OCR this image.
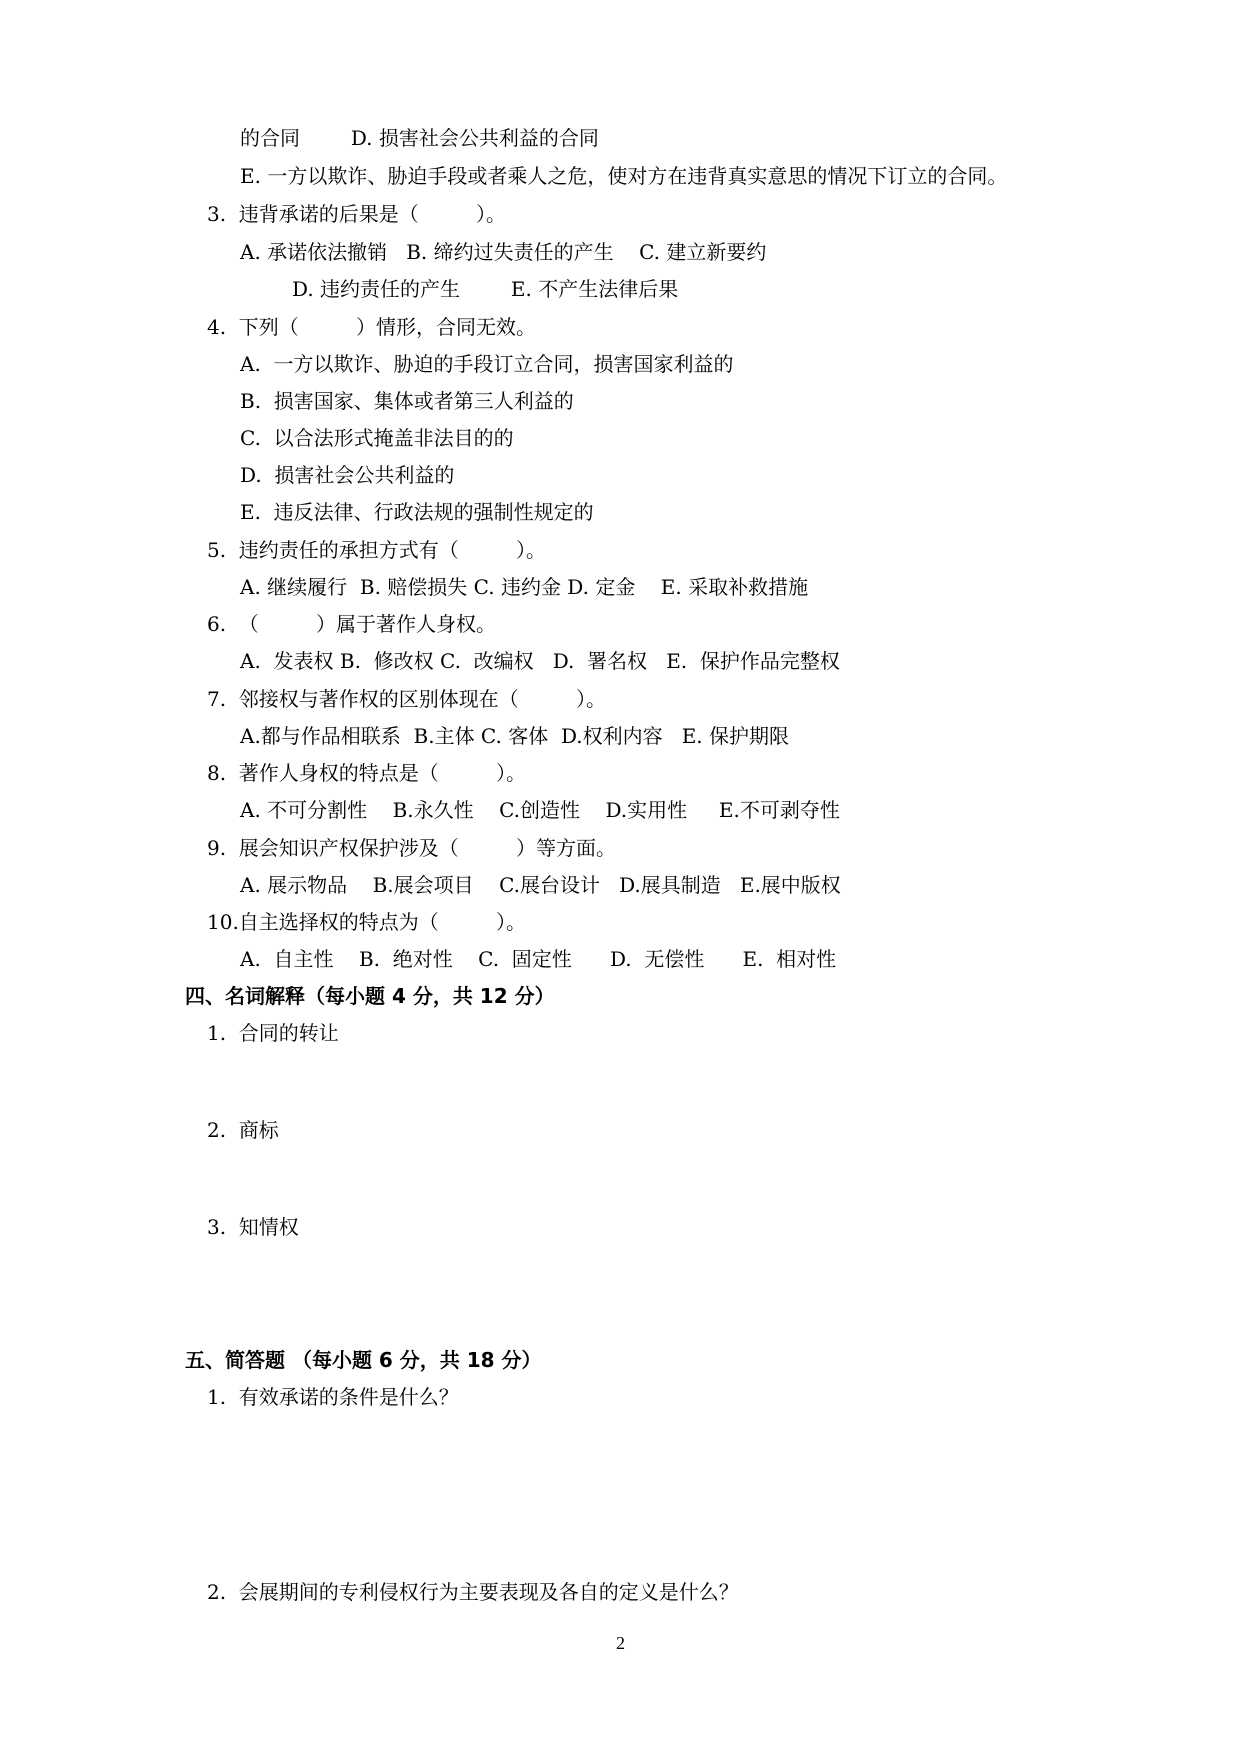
的合同        D. 损害社会公共利益的合同
E. 一方以欺诈、胁迫手段或者乘人之危，使对方在违背真实意思的情况下订立的合同。
3.  违背承诺的后果是（         ）。
A. 承诺依法撤销   B. 缔约过失责任的产生    C. 建立新要约
D. 违约责任的产生        E. 不产生法律后果
4.  下列（         ）情形，合同无效。
A.  一方以欺诈、胁迫的手段订立合同，损害国家利益的
B.  损害国家、集体或者第三人利益的
C.  以合法形式掩盖非法目的的
D.  损害社会公共利益的
E.  违反法律、行政法规的强制性规定的
5.  违约责任的承担方式有（         ）。
A. 继续履行  B. 赔偿损失 C. 违约金 D. 定金    E. 采取补救措施
6.  （         ）属于著作人身权。
A.  发表权 B.  修改权 C.  改编权   D.  署名权   E.  保护作品完整权
7.  邻接权与著作权的区别体现在（         ）。
A.都与作品相联系  B.主体 C. 客体  D.权利内容   E. 保护期限
8.  著作人身权的特点是（         ）。
A. 不可分割性    B.永久性    C.创造性    D.实用性     E.不可剥夺性
9.  展会知识产权保护涉及（         ）等方面。
A. 展示物品    B.展会项目    C.展台设计   D.展具制造   E.展中版权
10.自主选择权的特点为（         ）。
A.  自主性    B.  绝对性    C.  固定性      D.  无偿性      E.  相对性
四、名词解释（每小题 4 分，共 12 分）
1.  合同的转让
2.  商标
3.  知情权
五、简答题 （每小题 6 分，共 18 分）
1.  有效承诺的条件是什么？
2.  会展期间的专利侵权行为主要表现及各自的定义是什么？
2
